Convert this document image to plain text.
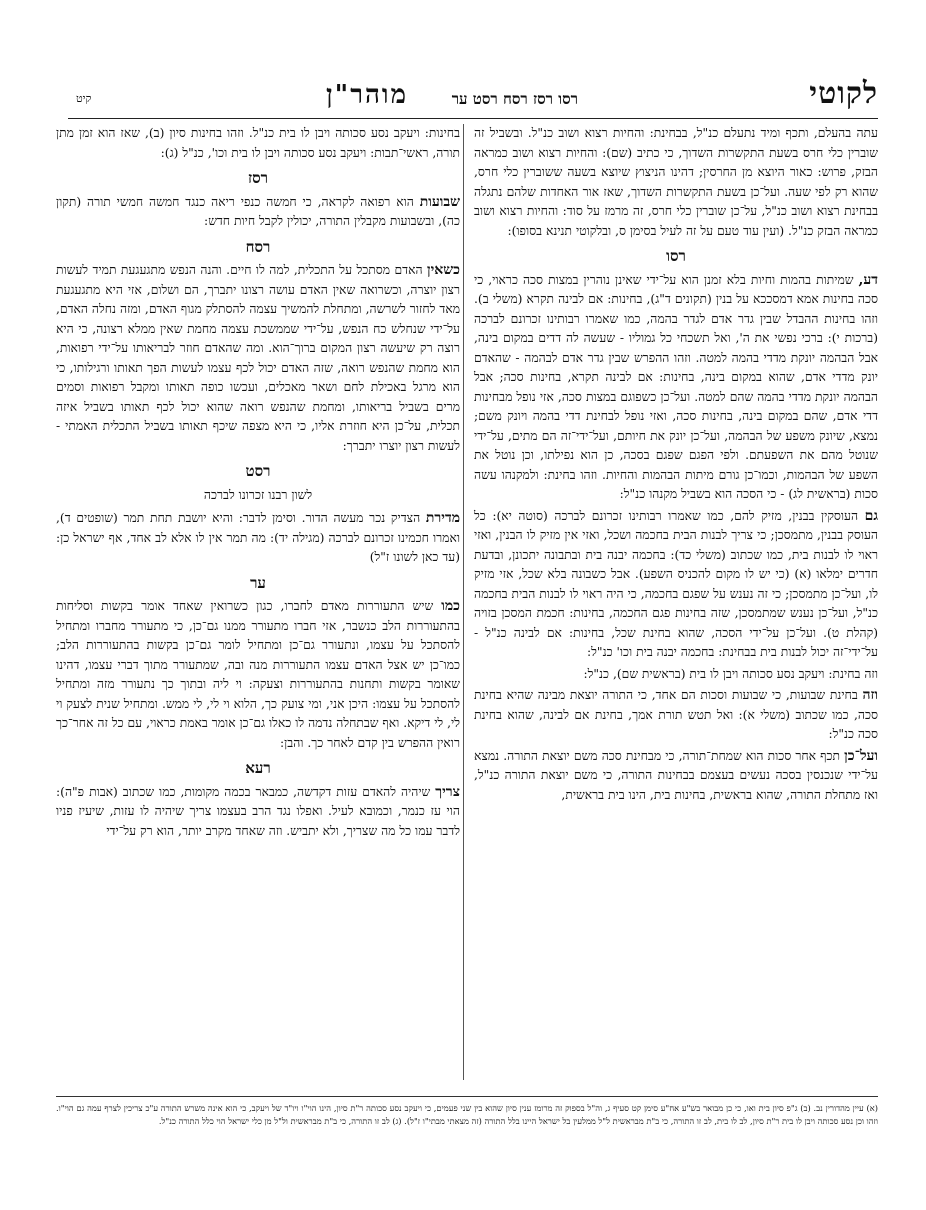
לקוטי
רסו רסז רסח רסט ער
מוהר"ן
קיט

עתה בהעלם, ותכף ומיד נתעלם כנ"ל, בבחינת: והחיות רצוא ושוב כנ"ל. ובשביל זה שוברין כלי חרס בשעת התקשרות השדוך, כי כתיב (שם): והחיות רצוא ושוב כמראה הבזק, פרוש: כאור היוצא מן החרסין; דהינו הניצוץ שיוצא בשעה ששוברין כלי חרס, שהוא רק לפי שעה. ועל־כן בשעת התקשרות השדוך, שאז אור האחדות שלהם נתגלה בבחינת רצוא ושוב כנ"ל, על־כן שוברין כלי חרס, זה מרמז על סוד: והחיות רצוא ושוב כמראה הבזק כנ"ל. (ועין עוד טעם על זה לעיל בסימן ס, ובלקוטי תנינא בסופו):

רסו

דע, שמיתות בהמות וחיות בלא זמנן הוא על־ידי שאינן נוהרין במצות סכה כראוי, כי סכה בחינות אמא דמסככא על בנין (תקונים ד"ג), בחינות: אם לבינה תקרא (משלי ב). וזהו בחינות ההבדל שבין גדר אדם לגדר בהמה, כמו שאמרו רבותינו זכרונם לברכה (ברכות י): ברכי נפשי את ה', ואל תשכחי כל גמוליו - שעשה לה דדים במקום בינה, אבל הבהמה יונקת מדדי בהמה למטה. וזהו ההפרש שבין גדר אדם לבהמה - שהאדם יונק מדדי אדם, שהוא במקום בינה, בחינות: אם לבינה תקרא, בחינות סכה; אבל הבהמה יונקת מדדי בהמה שהם למטה. ועל־כן כשפוגם במצות סכה, אזי נופל מבחינות דדי אדם, שהם במקום בינה, בחינות סכה, ואזי נופל לבחינת דדי בהמה ויונק משם; נמצא, שיונק משפע של הבהמה, ועל־כן יונק את חיותם, ועל־ידי־זה הם מתים, על־ידי שנוטל מהם את השפעתם. ולפי הפגם שפגם בסכה, כן הוא נפילתו, וכן נוטל את השפע של הבהמות, וכמו־כן גורם מיתות הבהמות והחיות. וזהו בחינת: ולמקנהו עשה סכות (בראשית לג) - כי הסכה הוא בשביל מקנהו כנ"ל:

גם העוסקין בבנין, מזיק להם, כמו שאמרו רבותינו זכרונם לברכה (סוטה יא): כל העוסק בבנין, מתמסכן; כי צריך לבנות הבית בחכמה ושכל, ואזי אין מזיק לו הבנין, ואזי ראוי לו לבנות בית, כמו שכתוב (משלי כד): בחכמה יבנה בית ובתבונה יתכונן, ובדעת חדרים ימלאו (א) (כי יש לו מקום להכניס השפע). אבל כשבונה בלא שכל, אזי מזיק לו, ועל־כן מתמסכן; כי זה נענש על שפגם בחכמה, כי היה ראוי לו לבנות הבית בחכמה כנ"ל, ועל־כן נענש שמתמסכן, שזה בחינות פגם החכמה, בחינות: חכמת המסכן בזויה (קהלת ט). ועל־כן על־ידי הסכה, שהוא בחינת שכל, בחינות: אם לבינה כנ"ל - על־ידי־זה יכול לבנות בית בבחינת: בחכמה יבנה בית וכו' כנ"ל:

וזה בחינת: ויעקב נסע סכותה ויבן לו בית (בראשית שם), כנ"ל:

וזה בחינת שבועות, כי שבועות וסכות הם אחד, כי התורה יוצאת מבינה שהיא בחינת סכה, כמו שכתוב (משלי א): ואל תטש תורת אמך, בחינת אם לבינה, שהוא בחינת סכה כנ"ל:

ועל־כן תכף אחר סכות הוא שמחת־תורה, כי מבחינת סכה משם יוצאת התורה. נמצא על־ידי שנכנסין בסכה נעשים בעצמם בבחינות התורה, כי משם יוצאת התורה כנ"ל, ואז מתחלת התורה, שהוא בראשית, בחינות בית, הינו בית בראשית,

בחינות: ויעקב נסע סכותה ויבן לו בית כנ"ל. וזהו בחינות סיון (ב), שאז הוא זמן מתן תורה, ראשי־תבות: ויעקב נסע סכותה ויבן לו בית וכו', כנ"ל (ג):

רסז

שבועות הוא רפואה לקראה, כי חמשה כנפי ריאה כנגד חמשה חמשי תורה (תקון כה), ובשבועות מקבלין התורה, יכולין לקבל חיות חדש:

רסח

כשאין האדם מסתכל על התכלית, למה לו חיים. והנה הנפש מתגעגעת תמיד לעשות רצון יוצרה, וכשרואה שאין האדם עושה רצונו יתברך, הם ושלום, אזי היא מתגעגעת מאד לחזור לשרשה, ומתחלת להמשיך עצמה להסתלק מגוף האדם, ומזה נחלה האדם, על־ידי שנחלש כח הנפש, על־ידי שממשכת עצמה מחמת שאין ממלא רצונה, כי היא רוצה רק שיעשה רצון המקום ברוך־הוא. ומה שהאדם חוזר לבריאותו על־ידי רפואות, הוא מחמת שהנפש רואה, שזה האדם יכול לכף עצמו לעשות הפך תאותו ורגילותו, כי הוא מרגל באכילת לחם ושאר מאכלים, ועכשו כופה תאותו ומקבל רפואות וסמים מרים בשביל בריאותו, ומחמת שהנפש רואה שהוא יכול לכף תאותו בשביל איזה תכלית, על־כן היא חוזרת אליו, כי היא מצפה שיכף תאותו בשביל התכלית האמתי - לעשות רצון יוצרו יתברך:

רסט
לשון רבנו זכרונו לברכה

מדירת הצדיק נכר מעשה הדור. וסימן לדבר: והיא יושבת תחת תמר (שופטים ד), ואמרו חכמינו זכרונם לברכה (מגילה יד): מה תמר אין לו אלא לב אחד, אף ישראל כן: (עד כאן לשונו ז"ל)

ער

כמו שיש התעוררות מאדם לחברו, כגון כשרואין שאחד אומר בקשות וסליחות בהתעוררות הלב כנשבר, אזי חברו מתעורר ממנו גם־כן, כי מתעורר מחברו ומתחיל להסתכל על עצמו, ונתעורר גם־כן ומתחיל לומר גם־כן בקשות בהתעוררות הלב; כמו־כן יש אצל האדם עצמו התעוררות מנה ובה, שמתעורר מתוך דברי עצמו, דהינו שאומר בקשות ותחנות בהתעוררות וצעקה: וי ליה ובתוך כך נתעורר מזה ומתחיל להסתכל על עצמו: היכן אני, ומי צועק כך, הלוא וי לי, לי ממש. ומתחיל שנית לצעק וי לי, לי דיקא. ואף שבתחלה נדמה לו כאלו גם־כן אומר באמת כראוי, עם כל זה אחר־כך רואין ההפרש בין קדם לאחר כך. והבן:

רעא

צריך שיהיה להאדם עזות דקדשה, כמבאר בכמה מקומות, כמו שכתוב (אבות פ"ה): הוי עז כנמר, וכמובא לעיל. ואפלו נגד הרב בעצמו צריך שיהיה לו עזות, שיעיז פניו לדבר עמו כל מה שצריך, ולא יתביש. וזה שאחד מקרב יותר, הוא רק על־ידי

(א) עיין מהדורין נב. (ב) ג"פ סיון בית ואו, כי כן מבואר בש"ע אח"ע סימן קט סעיף ג, וה"ל בספוק זה מרומז ענין סיון שהוא בין שני פעמים, כי ויעקב נסע סכותה ר"ת סיון, הינו הוי"ו ויו"ד של ויעקב, כי הוא אינה משרש התורה ע"כ צריכין לצרף עמה גם הוי"ו. וזהו וכן נסע סכותה ויבן לו בית ר"ת סיון, לב לו בית, לב זו התורה, כי ב"ת מבראשית ל"ל ממלעין בל ישראל היינו בלל התורה (זה מצאתי מבתי"ו ז"ל). (ג) לב זו התורה, כי ב"ת מבראשית ול"ל מן כלי ישראל הוי כלל התורה כנ"ל.
